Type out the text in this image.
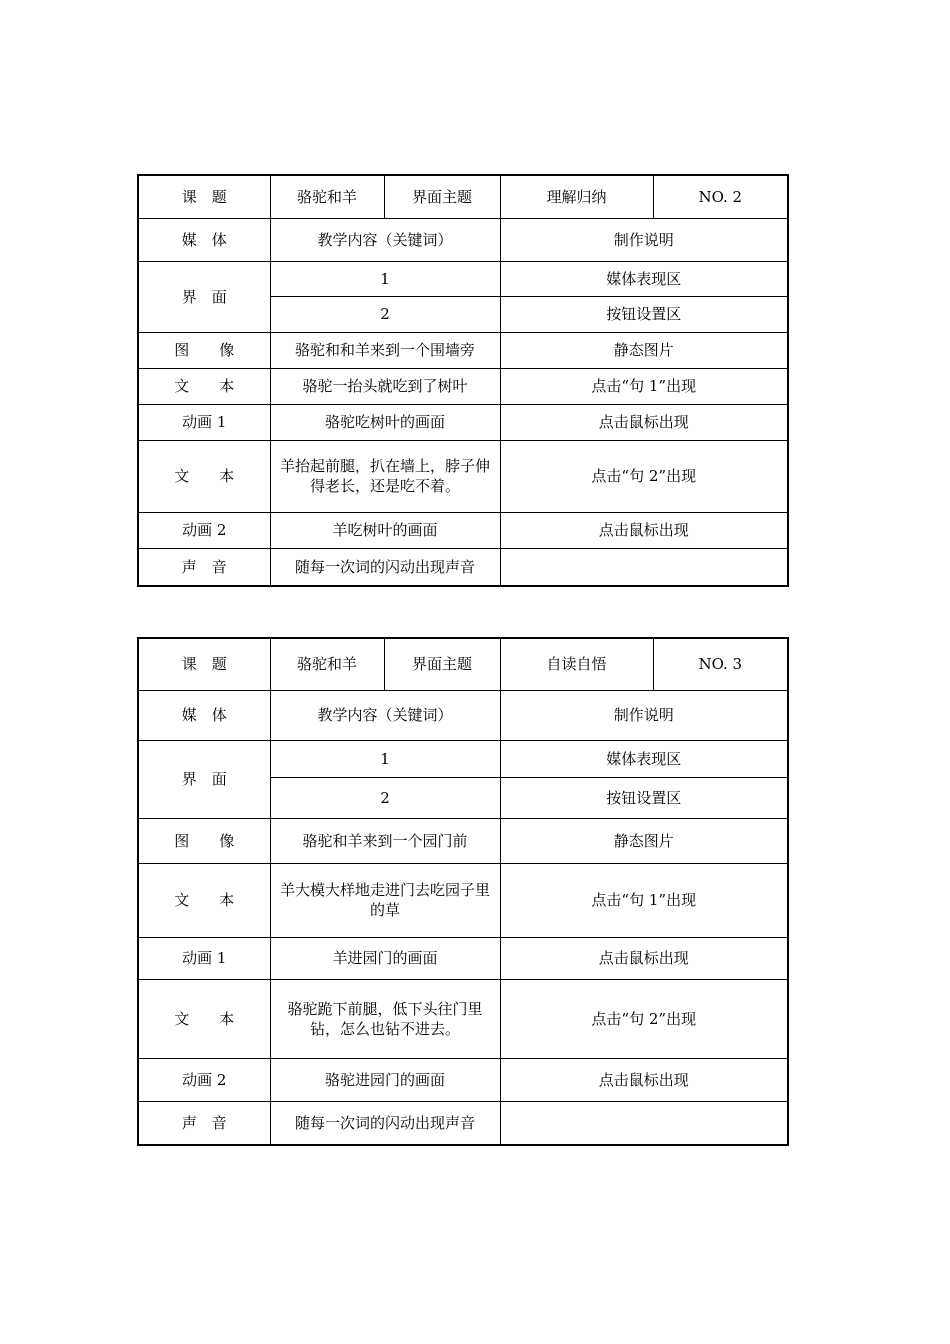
课　题	骆驼和羊	界面主题	理解归纳	NO. 2
媒　体	教学内容（关键词）		制作说明	
界　面	1		媒体表现区	
	2		按钮设置区	
图　　像	骆驼和和羊来到一个围墙旁		静态图片	
文　　本	骆驼一抬头就吃到了树叶		点击“句 1”出现	
动画 1	骆驼吃树叶的画面		点击鼠标出现	
文　　本	羊抬起前腿，扒在墙上，脖子伸得老长，还是吃不着。		点击“句 2”出现	
动画 2	羊吃树叶的画面		点击鼠标出现	
声　音	随每一次词的闪动出现声音			
课　题	骆驼和羊	界面主题	自读自悟	NO. 3
媒　体	教学内容（关键词）		制作说明	
界　面	1		媒体表现区	
	2		按钮设置区	
图　　像	骆驼和羊来到一个园门前		静态图片	
文　　本	羊大模大样地走进门去吃园子里的草		点击“句 1”出现	
动画 1	羊进园门的画面		点击鼠标出现	
文　　本	骆驼跪下前腿，低下头往门里钻，怎么也钻不进去。		点击“句 2”出现	
动画 2	骆驼进园门的画面		点击鼠标出现	
声　音	随每一次词的闪动出现声音			
